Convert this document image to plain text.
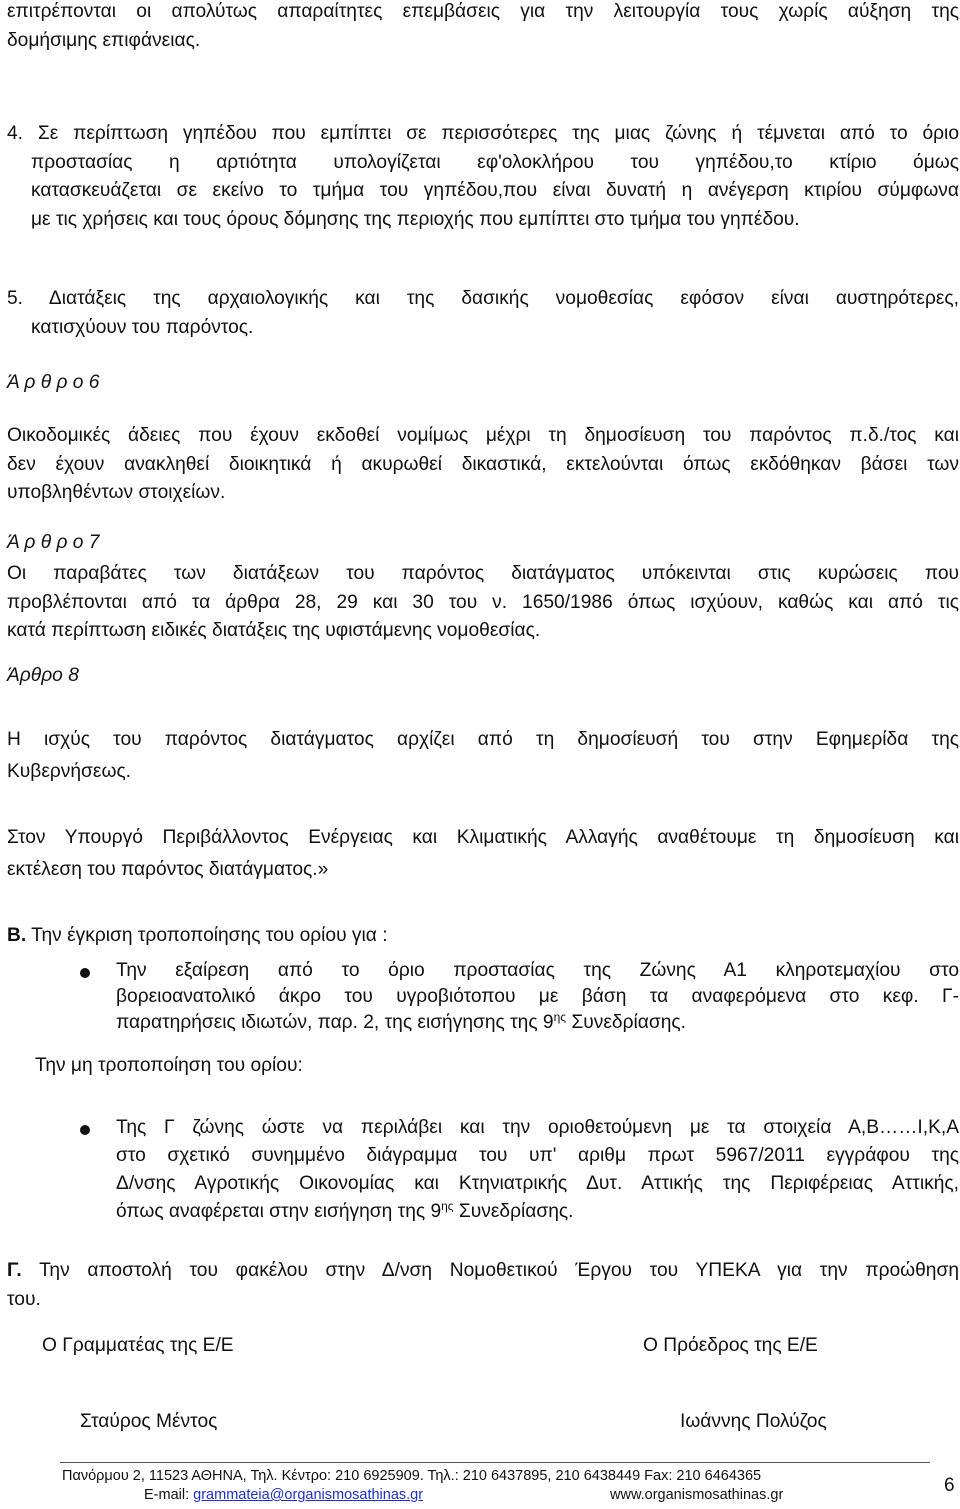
επιτρέπονται οι απολύτως απαραίτητες επεμβάσεις για την λειτουργία τους χωρίς αύξηση της
δομήσιμης επιφάνειας.
4. Σε περίπτωση γηπέδου που εμπίπτει σε περισσότερες της μιας ζώνης ή τέμνεται από το όριο
προστασίας η αρτιότητα υπολογίζεται εφ'ολοκλήρου του γηπέδου,το κτίριο όμως
κατασκευάζεται σε εκείνο το τμήμα του γηπέδου,που είναι δυνατή η ανέγερση κτιρίου σύμφωνα
με τις χρήσεις και τους όρους δόμησης της περιοχής που εμπίπτει στο τμήμα του γηπέδου.
5. Διατάξεις της αρχαιολογικής και της δασικής νομοθεσίας εφόσον είναι αυστηρότερες,
κατισχύουν του παρόντος.
Ά ρ θ ρ ο 6
Οικοδομικές άδειες που έχουν εκδοθεί νομίμως μέχρι τη δημοσίευση του παρόντος π.δ./τος και
δεν έχουν ανακληθεί διοικητικά ή ακυρωθεί δικαστικά, εκτελούνται όπως εκδόθηκαν βάσει των
υποβληθέντων στοιχείων.
Ά ρ θ ρ ο 7
Οι παραβάτες των διατάξεων του παρόντος διατάγματος υπόκεινται στις κυρώσεις που
προβλέπονται από τα άρθρα 28, 29 και 30 του ν. 1650/1986 όπως ισχύουν, καθώς και από τις
κατά περίπτωση ειδικές διατάξεις της υφιστάμενης νομοθεσίας.
Άρθρο 8
Η ισχύς του παρόντος διατάγματος αρχίζει από τη δημοσίευσή του στην Εφημερίδα της
Κυβερνήσεως.
Στον Υπουργό Περιβάλλοντος Ενέργειας και Κλιματικής Αλλαγής αναθέτουμε τη δημοσίευση και
εκτέλεση του παρόντος διατάγματος.»
Β. Την έγκριση τροποποίησης του ορίου για :
Την εξαίρεση από το όριο προστασίας της Ζώνης Α1 κληροτεμαχίου στο
βορειοανατολικό άκρο του υγροβιότοπου με βάση τα αναφερόμενα στο κεφ. Γ-
παρατηρήσεις ιδιωτών, παρ. 2, της εισήγησης της $9^{\eta\varsigma}$ Συνεδρίασης.
Την μη τροποποίηση του ορίου:
Της Γ ζώνης ώστε να περιλάβει και την οριοθετούμενη με τα στοιχεία Α,Β……Ι,Κ,Α
στο σχετικό συνημμένο διάγραμμα του υπ' αριθμ πρωτ 5967/2011 εγγράφου της
Δ/νσης Αγροτικής Οικονομίας και Κτηνιατρικής Δυτ. Αττικής της Περιφέρειας Αττικής,
όπως αναφέρεται στην εισήγηση της $9^{\eta\varsigma}$ Συνεδρίασης.
Γ. Την αποστολή του φακέλου στην Δ/νση Νομοθετικού Έργου του ΥΠΕΚΑ για την προώθηση
του.
Ο Γραμματέας της Ε/Ε	Ο Πρόεδρος της Ε/Ε
Σταύρος Μέντος	Ιωάννης Πολύζος
Πανόρμου 2, 11523 ΑΘΗΝΑ, Τηλ. Κέντρο: 210 6925909. Τηλ.: 210 6437895, 210 6438449 Fax: 210 6464365
E-mail: grammateia@organismosathinas.gr	www.organismosathinas.gr	6
